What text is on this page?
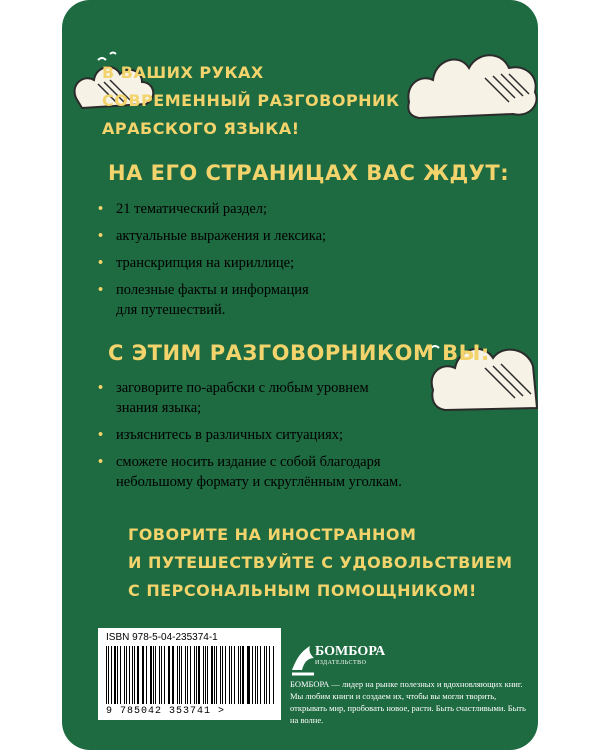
В ВАШИХ РУКАХ
СОВРЕМЕННЫЙ РАЗГОВОРНИК
АРАБСКОГО ЯЗЫКА!
НА ЕГО СТРАНИЦАХ ВАС ЖДУТ:
• 21 тематический раздел;
• актуальные выражения и лексика;
• транскрипция на кириллице;
• полезные факты и информация
для путешествий.
С ЭТИМ РАЗГОВОРНИКОМ ВЫ:
• заговорите по-арабски с любым уровнем
знания языка;
• изъяснитесь в различных ситуациях;
• сможете носить издание с собой благодаря
небольшому формату и скруглённым уголкам.
ГОВОРИТЕ НА ИНОСТРАННОМ
И ПУТЕШЕСТВУЙТЕ С УДОВОЛЬСТВИЕМ
С ПЕРСОНАЛЬНЫМ ПОМОЩНИКОМ!
ISBN 978-5-04-235374-1
9 785042 353741 >
БОМБОРА
ИЗДАТЕЛЬСТВО
БОМБОРА — лидер на рынке полезных и вдохновляющих книг. Мы любим книги и создаем их, чтобы вы могли творить, открывать мир, пробовать новое, расти. Быть счастливыми. Быть на волне.
